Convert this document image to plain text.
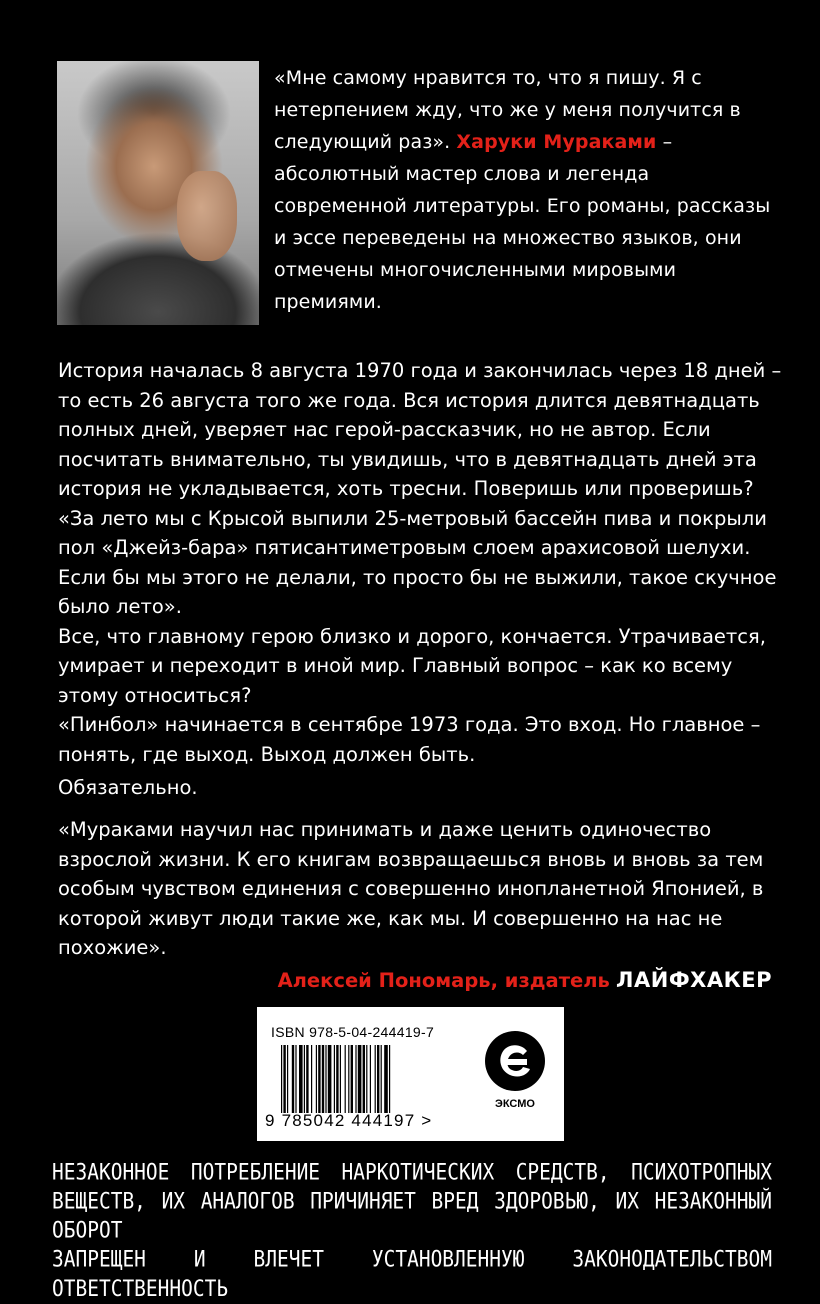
«Мне самому нравится то, что я пишу. Я с нетерпением жду, что же у меня получится в следующий раз». Харуки Мураками – абсолютный мастер слова и легенда современной литературы. Его романы, рассказы и эссе переведены на множество языков, они отмечены многочисленными мировыми премиями.

История началась 8 августа 1970 года и закончилась через 18 дней – то есть 26 августа того же года. Вся история длится девятнадцать полных дней, уверяет нас герой-рассказчик, но не автор. Если посчитать внимательно, ты увидишь, что в девятнадцать дней эта история не укладывается, хоть тресни. Поверишь или проверишь?

«За лето мы с Крысой выпили 25-метровый бассейн пива и покрыли пол «Джейз-бара» пятисантиметровым слоем арахисовой шелухи. Если бы мы этого не делали, то просто бы не выжили, такое скучное было лето».

Все, что главному герою близко и дорого, кончается. Утрачивается, умирает и переходит в иной мир. Главный вопрос – как ко всему этому относиться?

«Пинбол» начинается в сентябре 1973 года. Это вход. Но главное – понять, где выход. Выход должен быть.

Обязательно.

«Мураками научил нас принимать и даже ценить одиночество взрослой жизни. К его книгам возвращаешься вновь и вновь за тем особым чувством единения с совершенно инопланетной Японией, в которой живут люди такие же, как мы. И совершенно на нас не похожие».

Алексей Пономарь, издатель ЛАЙФХАКЕР
ISBN 978-5-04-244419-7
9 785042 444197 >
ЭКСМО
НЕЗАКОННОЕ ПОТРЕБЛЕНИЕ НАРКОТИЧЕСКИХ СРЕДСТВ, ПСИХОТРОПНЫХ
ВЕЩЕСТВ, ИХ АНАЛОГОВ ПРИЧИНЯЕТ ВРЕД ЗДОРОВЬЮ, ИХ НЕЗАКОННЫЙ ОБОРОТ
ЗАПРЕЩЕН И ВЛЕЧЕТ УСТАНОВЛЕННУЮ ЗАКОНОДАТЕЛЬСТВОМ ОТВЕТСТВЕННОСТЬ
